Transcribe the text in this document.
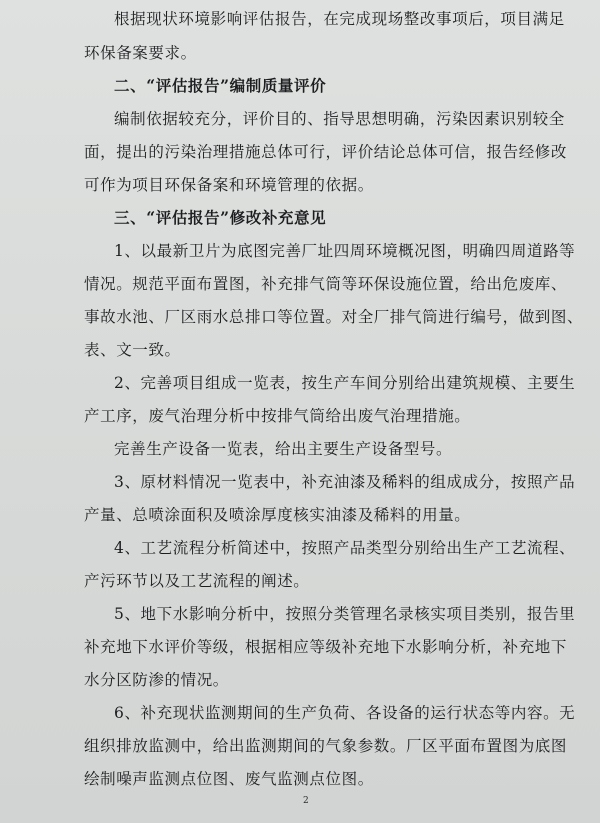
根据现状环境影响评估报告，在完成现场整改事项后，项目满足
环保备案要求。
二、“评估报告”编制质量评价
编制依据较充分，评价目的、指导思想明确，污染因素识别较全
面，提出的污染治理措施总体可行，评价结论总体可信，报告经修改
可作为项目环保备案和环境管理的依据。
三、“评估报告”修改补充意见
1、以最新卫片为底图完善厂址四周环境概况图，明确四周道路等
情况。规范平面布置图，补充排气筒等环保设施位置，给出危废库、
事故水池、厂区雨水总排口等位置。对全厂排气筒进行编号，做到图、
表、文一致。
2、完善项目组成一览表，按生产车间分别给出建筑规模、主要生
产工序，废气治理分析中按排气筒给出废气治理措施。
完善生产设备一览表，给出主要生产设备型号。
3、原材料情况一览表中，补充油漆及稀料的组成成分，按照产品
产量、总喷涂面积及喷涂厚度核实油漆及稀料的用量。
4、工艺流程分析简述中，按照产品类型分别给出生产工艺流程、
产污环节以及工艺流程的阐述。
5、地下水影响分析中，按照分类管理名录核实项目类别，报告里
补充地下水评价等级，根据相应等级补充地下水影响分析，补充地下
水分区防渗的情况。
6、补充现状监测期间的生产负荷、各设备的运行状态等内容。无
组织排放监测中，给出监测期间的气象参数。厂区平面布置图为底图
绘制噪声监测点位图、废气监测点位图。
2
